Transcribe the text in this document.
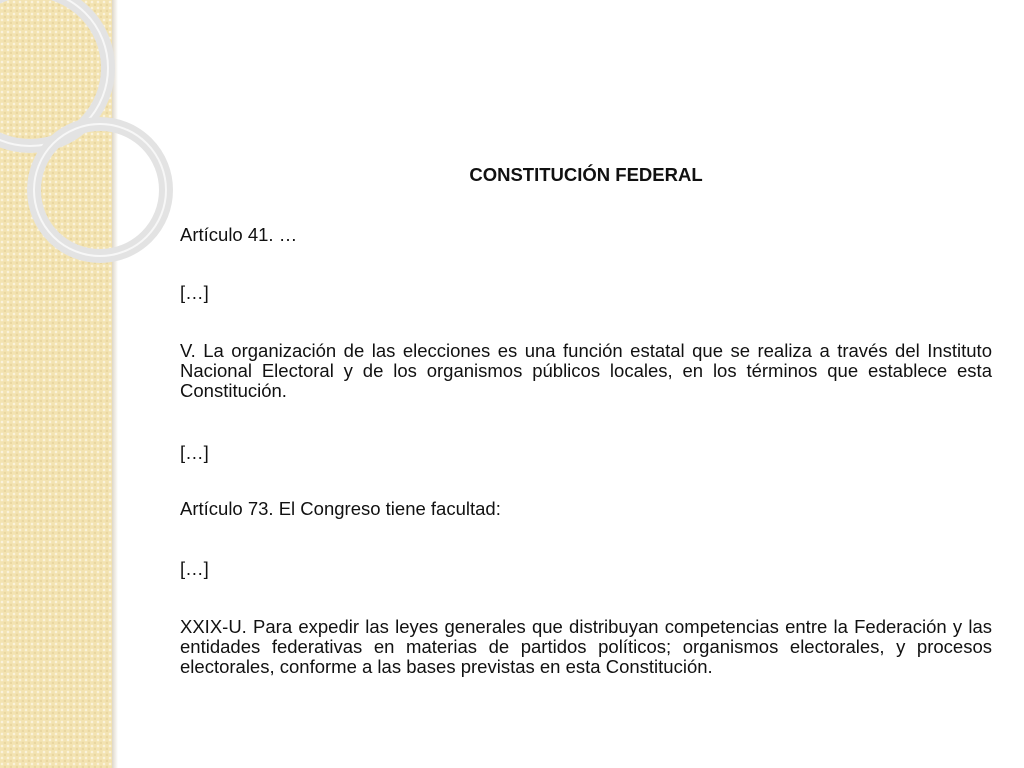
CONSTITUCIÓN FEDERAL

Artículo 41. …

[…]

V. La organización de las elecciones es una función estatal que se realiza a través del Instituto Nacional Electoral y de los organismos públicos locales, en los términos que establece esta Constitución.

[…]

Artículo 73. El Congreso tiene facultad:

[…]

XXIX-U. Para expedir las leyes generales que distribuyan competencias entre la Federación y las entidades federativas en materias de partidos políticos; organismos electorales, y procesos electorales, conforme a las bases previstas en esta Constitución.
